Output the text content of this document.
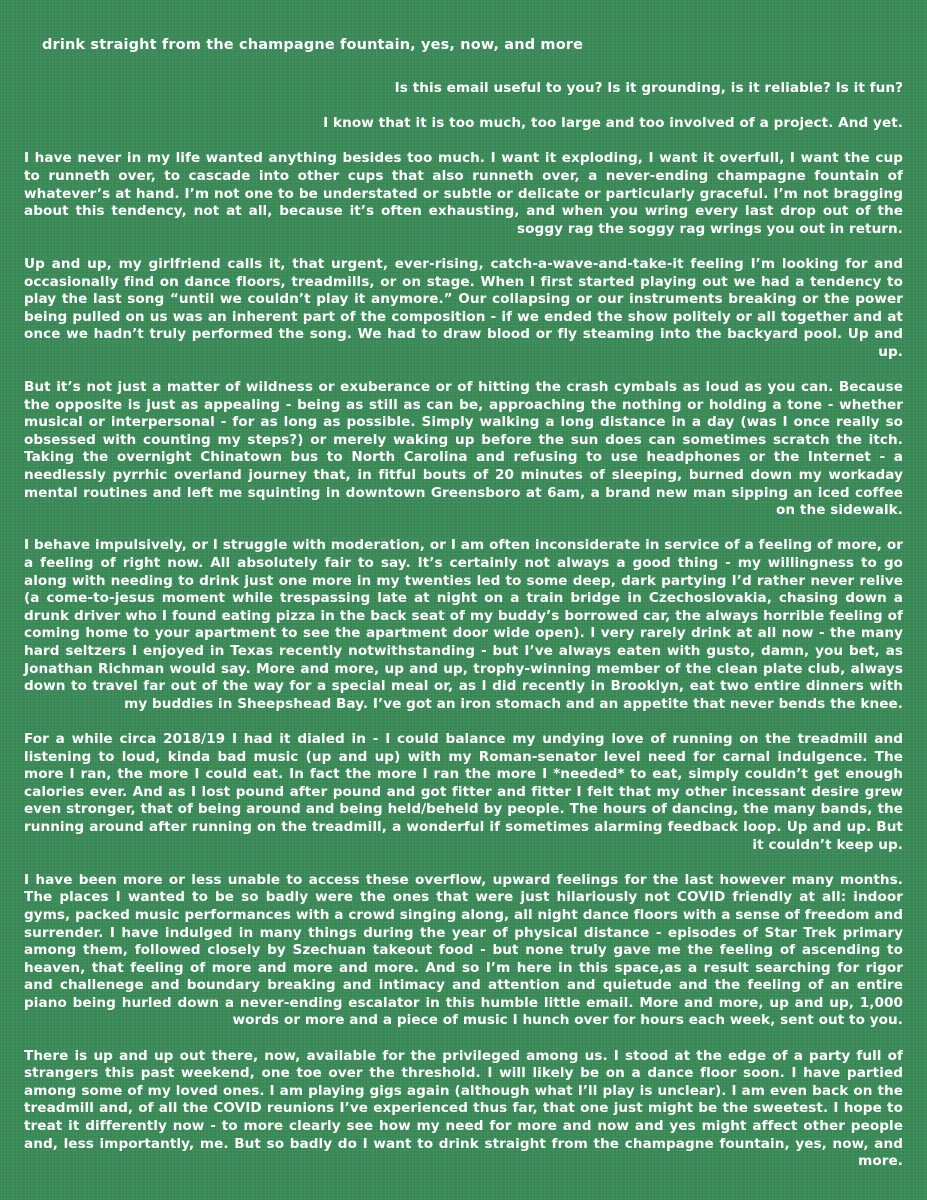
drink straight from the champagne fountain, yes, now, and more

Is this email useful to you? Is it grounding, is it reliable? Is it fun?

I know that it is too much, too large and too involved of a project. And yet.

I have never in my life wanted anything besides too much. I want it exploding, I want it overfull, I want the cup to runneth over, to cascade into other cups that also runneth over, a never-ending champagne fountain of whatever’s at hand. I’m not one to be understated or subtle or delicate or particularly graceful. I’m not bragging about this tendency, not at all, because it’s often exhausting, and when you wring every last drop out of the soggy rag the soggy rag wrings you out in return.

Up and up, my girlfriend calls it, that urgent, ever-rising, catch-a-wave-and-take-it feeling I’m looking for and occasionally find on dance floors, treadmills, or on stage. When I first started playing out we had a tendency to play the last song “until we couldn’t play it anymore.” Our collapsing or our instruments breaking or the power being pulled on us was an inherent part of the composition - if we ended the show politely or all together and at once we hadn’t truly performed the song. We had to draw blood or fly steaming into the backyard pool. Up and up.

But it’s not just a matter of wildness or exuberance or of hitting the crash cymbals as loud as you can. Because the opposite is just as appealing - being as still as can be, approaching the nothing or holding a tone - whether musical or interpersonal - for as long as possible. Simply walking a long distance in a day (was I once really so obsessed with counting my steps?) or merely waking up before the sun does can sometimes scratch the itch. Taking the overnight Chinatown bus to North Carolina and refusing to use headphones or the Internet - a needlessly pyrrhic overland journey that, in fitful bouts of 20 minutes of sleeping, burned down my workaday mental routines and left me squinting in downtown Greensboro at 6am, a brand new man sipping an iced coffee on the sidewalk.

I behave impulsively, or I struggle with moderation, or I am often inconsiderate in service of a feeling of more, or a feeling of right now. All absolutely fair to say. It’s certainly not always a good thing - my willingness to go along with needing to drink just one more in my twenties led to some deep, dark partying I’d rather never relive (a come-to-jesus moment while trespassing late at night on a train bridge in Czechoslovakia, chasing down a drunk driver who I found eating pizza in the back seat of my buddy’s borrowed car, the always horrible feeling of coming home to your apartment to see the apartment door wide open). I very rarely drink at all now - the many hard seltzers I enjoyed in Texas recently notwithstanding - but I’ve always eaten with gusto, damn, you bet, as Jonathan Richman would say. More and more, up and up, trophy-winning member of the clean plate club, always down to travel far out of the way for a special meal or, as I did recently in Brooklyn, eat two entire dinners with my buddies in Sheepshead Bay. I’ve got an iron stomach and an appetite that never bends the knee.

For a while circa 2018/19 I had it dialed in - I could balance my undying love of running on the treadmill and listening to loud, kinda bad music (up and up) with my Roman-senator level need for carnal indulgence. The more I ran, the more I could eat. In fact the more I ran the more I *needed* to eat, simply couldn’t get enough calories ever. And as I lost pound after pound and got fitter and fitter I felt that my other incessant desire grew even stronger, that of being around and being held/beheld by people. The hours of dancing, the many bands, the running around after running on the treadmill, a wonderful if sometimes alarming feedback loop. Up and up. But it couldn’t keep up.

I have been more or less unable to access these overflow, upward feelings for the last however many months. The places I wanted to be so badly were the ones that were just hilariously not COVID friendly at all: indoor gyms, packed music performances with a crowd singing along, all night dance floors with a sense of freedom and surrender. I have indulged in many things during the year of physical distance - episodes of Star Trek primary among them, followed closely by Szechuan takeout food - but none truly gave me the feeling of ascending to heaven, that feeling of more and more and more. And so I’m here in this space,as a result searching for rigor and challenege and boundary breaking and intimacy and attention and quietude and the feeling of an entire piano being hurled down a never-ending escalator in this humble little email. More and more, up and up, 1,000 words or more and a piece of music I hunch over for hours each week, sent out to you.

There is up and up out there, now, available for the privileged among us. I stood at the edge of a party full of strangers this past weekend, one toe over the threshold. I will likely be on a dance floor soon. I have partied among some of my loved ones. I am playing gigs again (although what I’ll play is unclear). I am even back on the treadmill and, of all the COVID reunions I’ve experienced thus far, that one just might be the sweetest. I hope to treat it differently now - to more clearly see how my need for more and now and yes might affect other people and, less importantly, me. But so badly do I want to drink straight from the champagne fountain, yes, now, and more.
